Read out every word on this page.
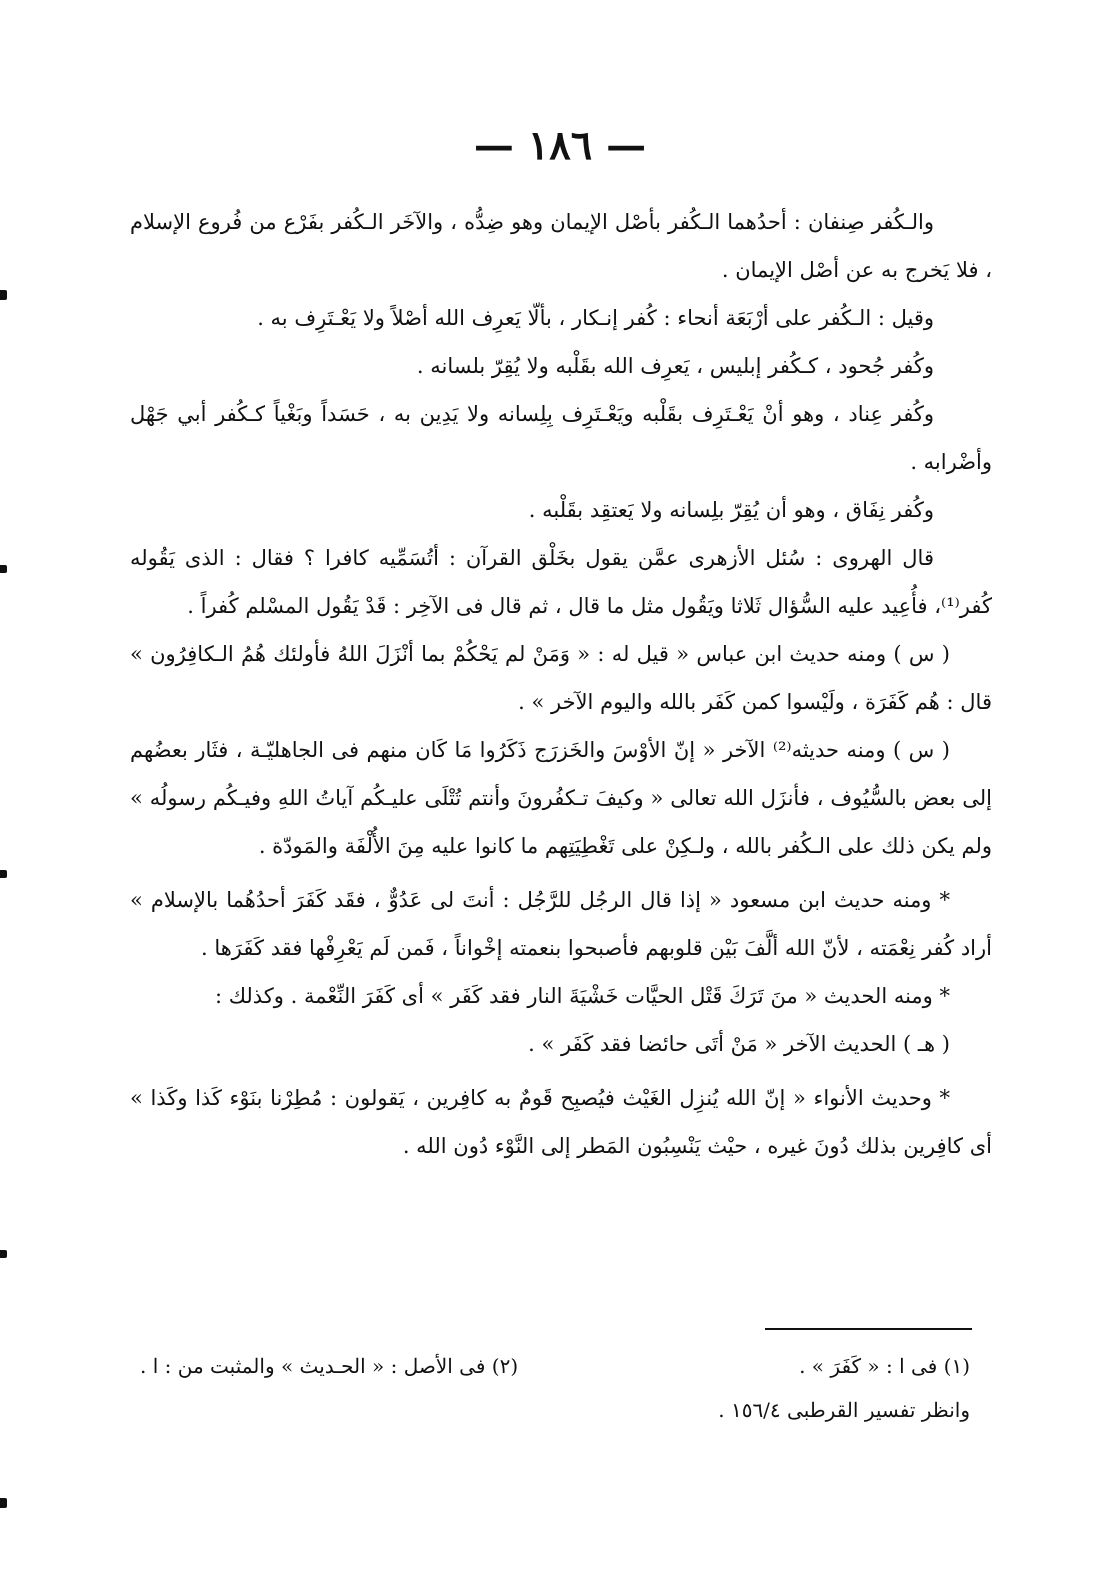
— ١٨٦ —

والـكُفر صِنفان : أحدُهما الـكُفر بأصْل الإيمان وهو ضِدُّه ، والآخَر الـكُفر بفَرْع من فُروع الإسلام ، فلا يَخرج به عن أصْل الإيمان .

وقيل : الـكُفر على أرْبَعَة أنحاء : كُفر إنـكار ، بألّا يَعرِف الله أصْلاً ولا يَعْـتَرِف به .

وكُفر جُحود ، كـكُفر إبليس ، يَعرِف الله بقَلْبه ولا يُقِرّ بلسانه .

وكُفر عِناد ، وهو أنْ يَعْـتَرِف بقَلْبه ويَعْـتَرِف بِلِسانه ولا يَدِين به ، حَسَداً وبَغْياً كـكُفر أبي جَهْل وأضْرابه .

وكُفر نِفَاق ، وهو أن يُقِرّ بلِسانه ولا يَعتقِد بقَلْبه .

قال الهروى : سُئل الأزهرى عمَّن يقول بخَلْق القرآن : أتُسَمِّيه كافرا ؟ فقال : الذى يَقُوله كُفر⁽¹⁾، فأُعِيد عليه السُّؤال ثَلاثا ويَقُول مثل ما قال ، ثم قال فى الآخِر : قَدْ يَقُول المسْلم كُفراً .

( س ) ومنه حديث ابن عباس « قيل له : « وَمَنْ لم يَحْكُمْ بما أنْزَلَ اللهُ فأولئك هُمُ الـكافِرُون » قال : هُم كَفَرَة ، ولَيْسوا كمن كَفَر بالله واليوم الآخر » .

( س ) ومنه حديثه⁽²⁾ الآخر « إنّ الأوْسَ والخَزرَج ذَكَرُوا مَا كَان منهم فى الجاهليّـة ، فثَار بعضُهم إلى بعض بالسُّيُوف ، فأنزَل الله تعالى « وكيفَ تـكفُرونَ وأنتم تُتْلَى عليـكُم آياتُ اللهِ وفيـكُم رسولُه » ولم يكن ذلك على الـكُفر بالله ، ولـكِنْ على تَغْطِيَتِهم ما كانوا عليه مِنَ الأُلْفَة والمَودّة .

* ومنه حديث ابن مسعود « إذا قال الرجُل للرَّجُل : أنتَ لى عَدُوٌّ ، فقَد كَفَرَ أحدُهُما بالإسلام » أراد كُفر نِعْمَته ، لأنّ الله ألَّفَ بَيْن قلوبهم فأصبحوا بنعمته إخْواناً ، فَمن لَم يَعْرِفْها فقد كَفَرَها .

* ومنه الحديث « منَ تَرَكَ قَتْل الحيَّات خَشْيَةَ النار فقد كَفَر » أى كَفَرَ النِّعْمة . وكذلك :

( هـ ) الحديث الآخر « مَنْ أتَى حائضا فقد كَفَر » .

* وحديث الأنواء « إنّ الله يُنزِل الغَيْث فيُصبِح قَومٌ به كافِرين ، يَقولون : مُطِرْنا بنَوْء كَذا وكَذا » أى كافِرين بذلك دُونَ غيره ، حيْث يَنْسِبُون المَطر إلى النَّوْء دُون الله .

(١) فى ا : « كَفَرَ » .
(٢) فى الأصل : « الحـديث » والمثبت من : ا .
وانظر تفسير القرطبى ١٥٦/٤ .
